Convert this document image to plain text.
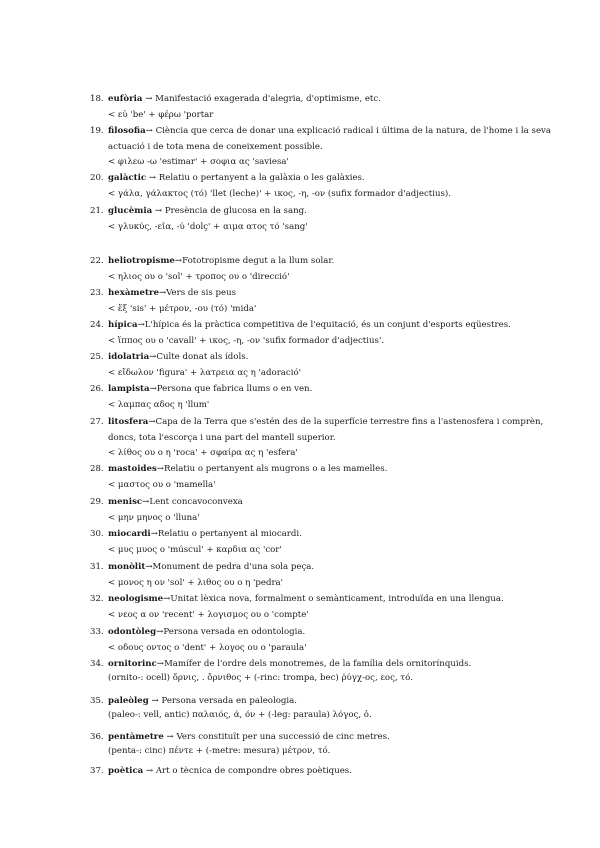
18. eufòria → Manifestació exagerada d'alegria, d'optimisme, etc.
< εὐ 'be' + φέρω 'portar
19. filosofia→ Ciència que cerca de donar una explicació radical i última de la natura, de l'home i la seva actuació i de tota mena de coneixement possible.
< φιλεω -ω 'estimar' + σοφια ας 'saviesa'
20. galàctic → Relatiu o pertanyent a la galàxia o les galàxies.
< γάλα, γάλακτος (τό) 'llet (leche)' + ικος, -η, -ον (sufix formador d'adjectius).
21. glucèmia → Presència de glucosa en la sang.
< γλυκύς, -εῖα, -ύ 'dolç' + αιμα ατος τό 'sang'
22. heliotropisme→Fototropisme degut a la llum solar.
< ηλιος ου ο 'sol' + τροπος ου ο 'direcció'
23. hexàmetre→Vers de sis peus
< ἕξ 'sis' + μέτρον, -ου (τό) 'mida'
24. hípica→L'hípica és la pràctica competitiva de l'equitació, és un conjunt d'esports eqüestres.
< ἵππος ου ο 'cavall' + ικος, -η, -ον 'sufix formador d'adjectius'.
25. idolatria→Culte donat als ídols.
< εἴδωλον 'figura' + λατρεια ας η 'adoració'
26. lampista→Persona que fabrica llums o en ven.
< λαμπας αδος η 'llum'
27. litosfera→Capa de la Terra que s'estén des de la superfície terrestre fins a l'astenosfera i comprèn, doncs, tota l'escorça i una part del mantell superior.
< λίθος ου ο η 'roca' + σφαίρα ας η 'esfera'
28. mastoides→Relatiu o pertanyent als mugrons o a les mamelles.
< μαστος ου ο 'mamella'
29. menisc→Lent concavoconvexa
< μην μηνος ο 'lluna'
30. miocardi→Relatiu o pertanyent al miocardi.
< μυς μυος ο 'múscul' + καρδια ας 'cor'
31. monòlit→Monument de pedra d'una sola peça.
< μονος η ον 'sol' + λιθος ου ο η 'pedra'
32. neologisme→Unitat lèxica nova, formalment o semànticament, introduïda en una llengua.
< νεος α ον 'recent' + λογισμος ου ο 'compte'
33. odontòleg→Persona versada en odontologia.
< οδους οντος ο 'dent' + λογος ου ο 'paraula'
34. ornitorinc→Mamífer de l'ordre dels monotremes, de la família dels ornitorínquids.
(ornito-: ocell) ὄρνις, . ὄρνιθος + (-rinc: trompa, bec) ῥύγχ-ος, εος, τό.
35. paleòleg → Persona versada en paleologia.
(paleo-: vell, antic) παλαιός, ά, όν + (-leg: paraula) λόγος, ὁ.
36. pentàmetre → Vers constituït per una successió de cinc metres.
(penta-: cinc) πέντε + (-metre: mesura) μέτρον, τό.
37. poètica → Art o tècnica de compondre obres poètiques.
